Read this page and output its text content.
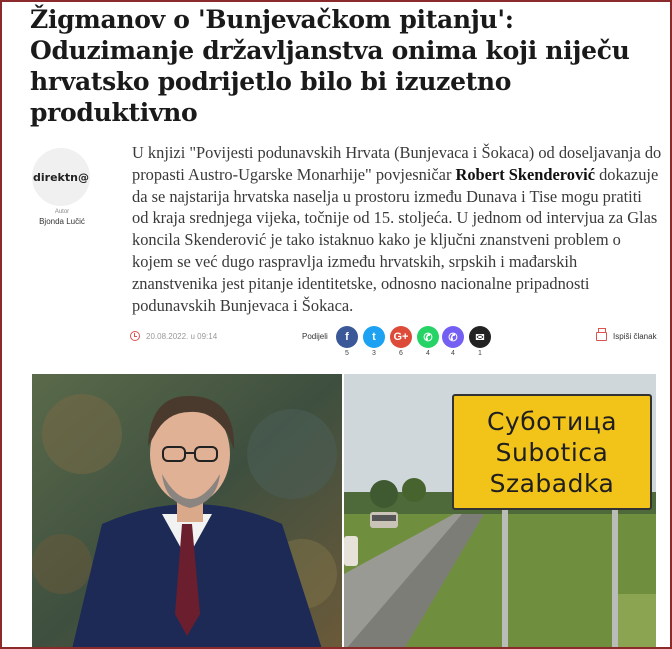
Žigmanov o 'Bunjevačkom pitanju': Oduzimanje državljanstva onima koji niječu hrvatsko podrijetlo bilo bi izuzetno produktivno
direktn@
Autor
Bjonda Lučić

U knjizi "Povijesti podunavskih Hrvata (Bunjevaca i Šokaca) od doseljavanja do propasti Austro-Ugarske Monarhije" povjesničar Robert Skenderović dokazuje da se najstarija hrvatska naselja u prostoru između Dunava i Tise mogu pratiti od kraja srednjega vijeka, točnije od 15. stoljeća. U jednom od intervjua za Glas koncila Skenderović je tako istaknuo kako je ključni znanstveni problem o kojem se već dugo raspravlja između hrvatskih, srpskih i mađarskih znanstvenika jest pitanje identitetske, odnosno nacionalne pripadnosti podunavskih Bunjevaca i Šokaca.

20.08.2022. u 09:14	Podijeli f
5
t
3
G+
6
✆
4
✆
4
✉
1
Ispiši članak
Суботица
Subotica
Szabadka
